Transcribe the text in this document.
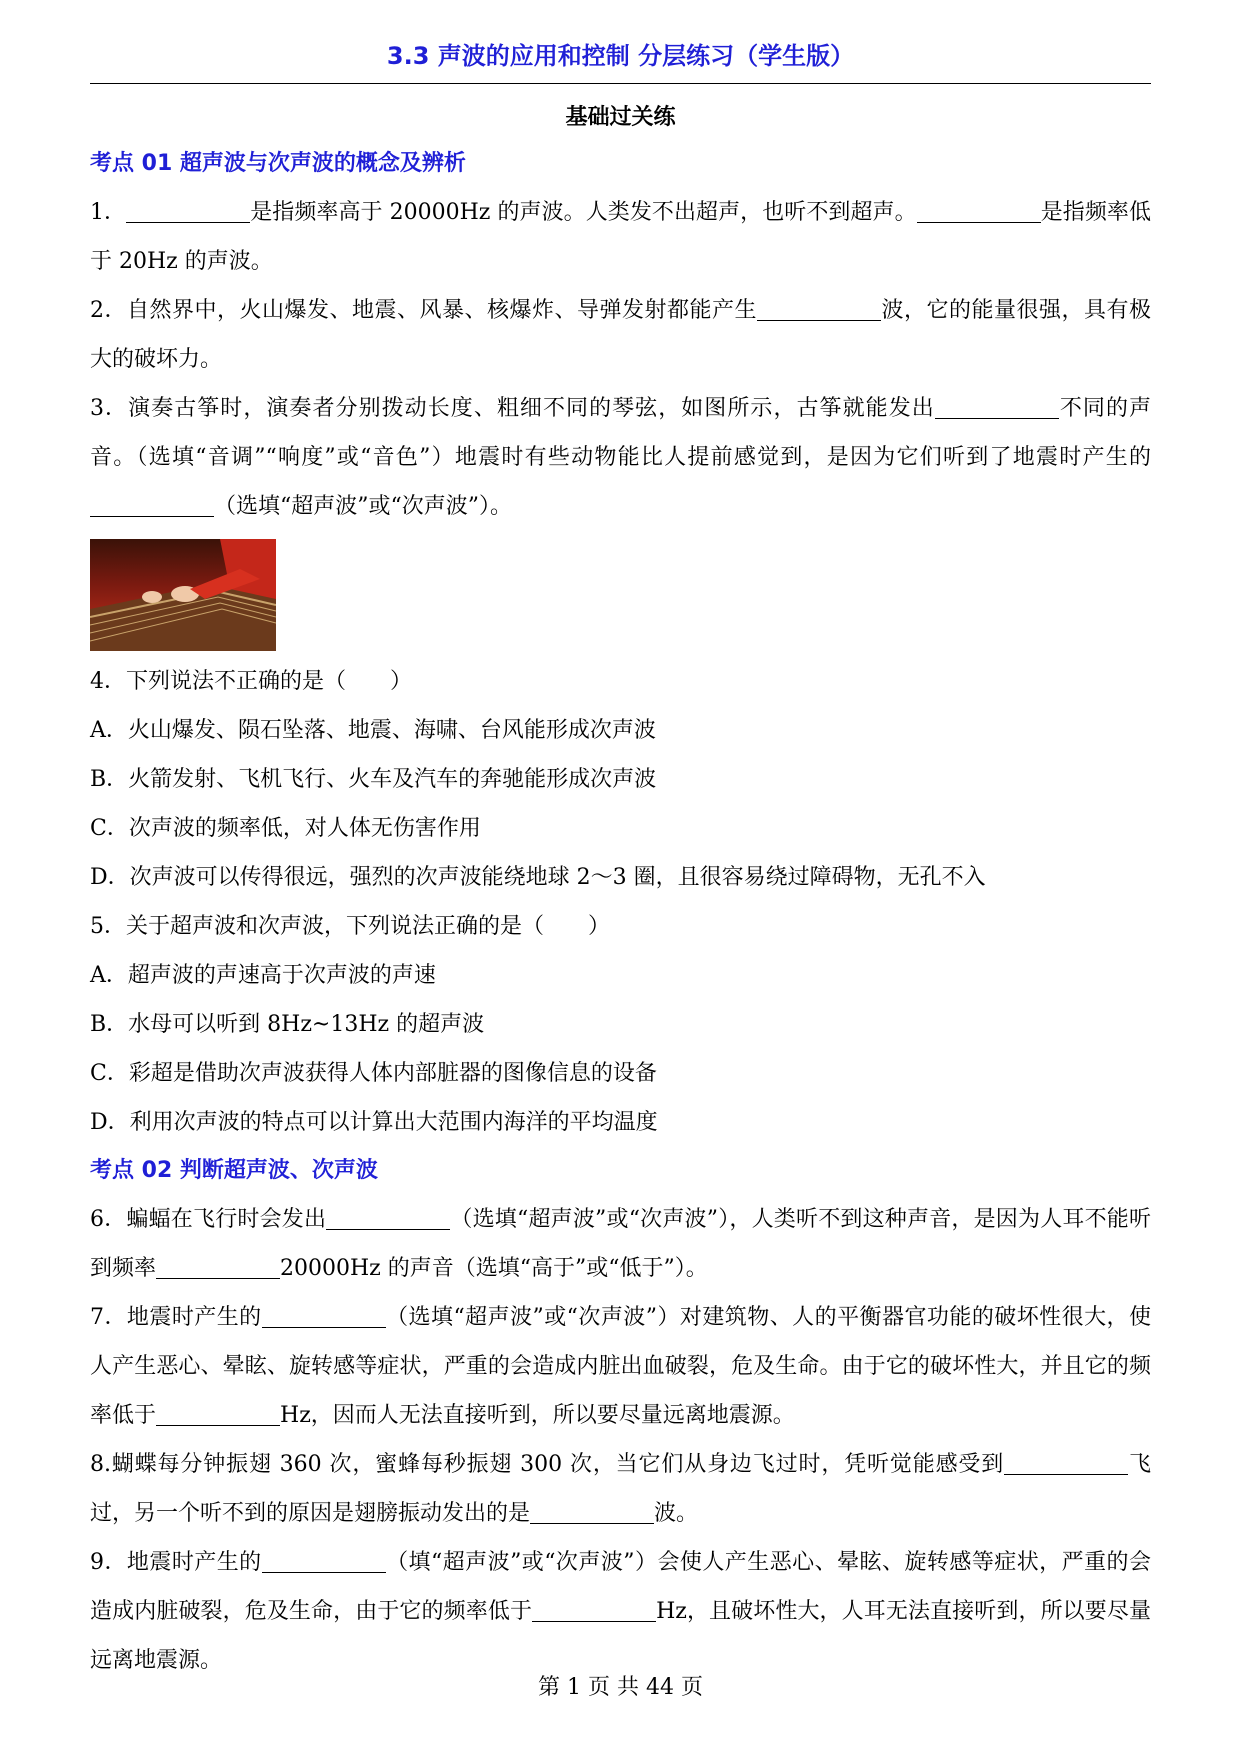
3.3 声波的应用和控制 分层练习（学生版）
基础过关练
考点 01 超声波与次声波的概念及辨析
1．	是指频率高于 20000Hz 的声波。人类发不出超声，也听不到超声。	是指频率低于 20Hz 的声波。
2．自然界中，火山爆发、地震、风暴、核爆炸、导弹发射都能产生	波，它的能量很强，具有极大的破坏力。
3．演奏古筝时，演奏者分别拨动长度、粗细不同的琴弦，如图所示，古筝就能发出	不同的声音。（选填“音调”“响度”或“音色”）地震时有些动物能比人提前感觉到，是因为它们听到了地震时产生的（选填“超声波”或“次声波”）。
4．下列说法不正确的是（　　）
A．火山爆发、陨石坠落、地震、海啸、台风能形成次声波
B．火箭发射、飞机飞行、火车及汽车的奔驰能形成次声波
C．次声波的频率低，对人体无伤害作用
D．次声波可以传得很远，强烈的次声波能绕地球 2～3 圈，且很容易绕过障碍物，无孔不入
5．关于超声波和次声波，下列说法正确的是（　　）
A．超声波的声速高于次声波的声速
B．水母可以听到 8Hz~13Hz 的超声波
C．彩超是借助次声波获得人体内部脏器的图像信息的设备
D．利用次声波的特点可以计算出大范围内海洋的平均温度
考点 02 判断超声波、次声波
6．蝙蝠在飞行时会发出	（选填“超声波”或“次声波”），人类听不到这种声音，是因为人耳不能听到频率	20000Hz 的声音（选填“高于”或“低于”）。
7．地震时产生的	（选填“超声波”或“次声波”）对建筑物、人的平衡器官功能的破坏性很大，使人产生恶心、晕眩、旋转感等症状，严重的会造成内脏出血破裂，危及生命。由于它的破坏性大，并且它的频率低于	Hz，因而人无法直接听到，所以要尽量远离地震源。
8.蝴蝶每分钟振翅 360 次，蜜蜂每秒振翅 300 次，当它们从身边飞过时，凭听觉能感受到	飞过，另一个听不到的原因是翅膀振动发出的是	波。
9．地震时产生的	（填“超声波”或“次声波”）会使人产生恶心、晕眩、旋转感等症状，严重的会造成内脏破裂，危及生命，由于它的频率低于	Hz，且破坏性大，人耳无法直接听到，所以要尽量远离地震源。
第 1 页 共 44 页
